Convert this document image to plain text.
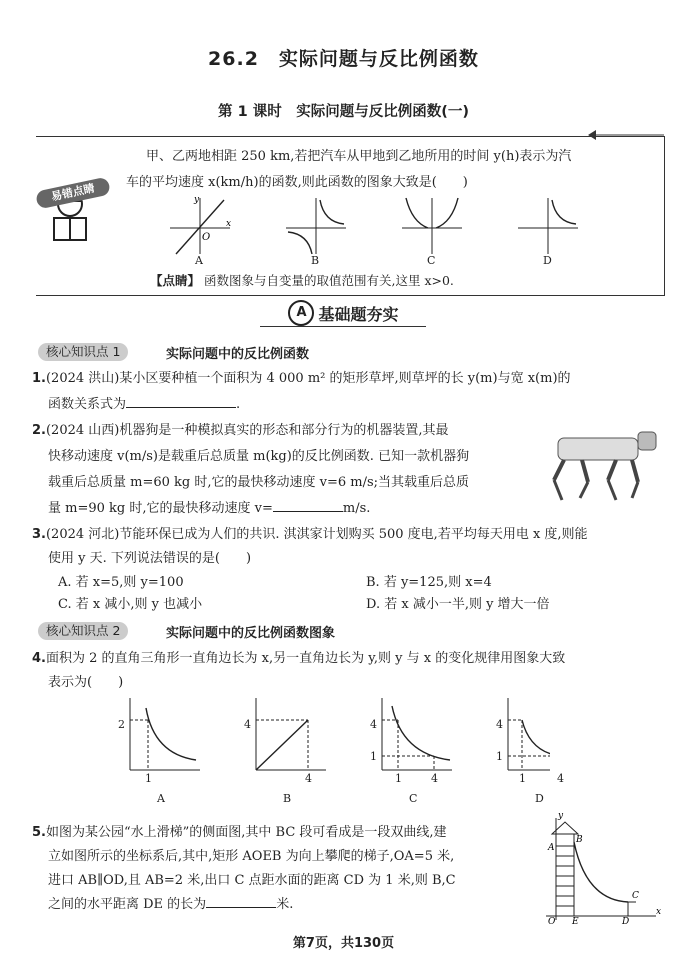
26.2　实际问题与反比例函数
第 1 课时　实际问题与反比例函数(一)
易错点睛
甲、乙两地相距 250 km,若把汽车从甲地到乙地所用的时间 y(h)表示为汽
车的平均速度 x(km/h)的函数,则此函数的图象大致是(　　)
O
x
y
A	B	C	D
【点睛】 函数图象与自变量的取值范围有关,这里 x>0.
A 基础题夯实
核心知识点 1	实际问题中的反比例函数
1.(2024 洪山)某小区要种植一个面积为 4 000 m² 的矩形草坪,则草坪的长 y(m)与宽 x(m)的
函数关系式为	.
2.(2024 山西)机器狗是一种模拟真实的形态和部分行为的机器装置,其最
快移动速度 v(m/s)是载重后总质量 m(kg)的反比例函数. 已知一款机器狗
载重后总质量 m=60 kg 时,它的最快移动速度 v=6 m/s;当其载重后总质
量 m=90 kg 时,它的最快移动速度 v=	m/s.
3.(2024 河北)节能环保已成为人们的共识. 淇淇家计划购买 500 度电,若平均每天用电 x 度,则能
使用 y 天. 下列说法错误的是(　　)
A. 若 x=5,则 y=100	B. 若 y=125,则 x=4
C. 若 x 减小,则 y 也减小	D. 若 x 减小一半,则 y 增大一倍
核心知识点 2	实际问题中的反比例函数图象
4.面积为 2 的直角三角形一直角边长为 x,另一直角边长为 y,则 y 与 x 的变化规律用图象大致
表示为(　　)
2
1
A
4
4
B
4
1
1	4
C
4
1
1	4
D
5.如图为某公园“水上滑梯”的侧面图,其中 BC 段可看成是一段双曲线,建
立如图所示的坐标系后,其中,矩形 AOEB 为向上攀爬的梯子,OA=5 米,
进口 AB∥OD,且 AB=2 米,出口 C 点距水面的距离 CD 为 1 米,则 B,C
之间的水平距离 DE 的长为	米.
A
B
C
D
E
O
y
x
第7页，共130页
